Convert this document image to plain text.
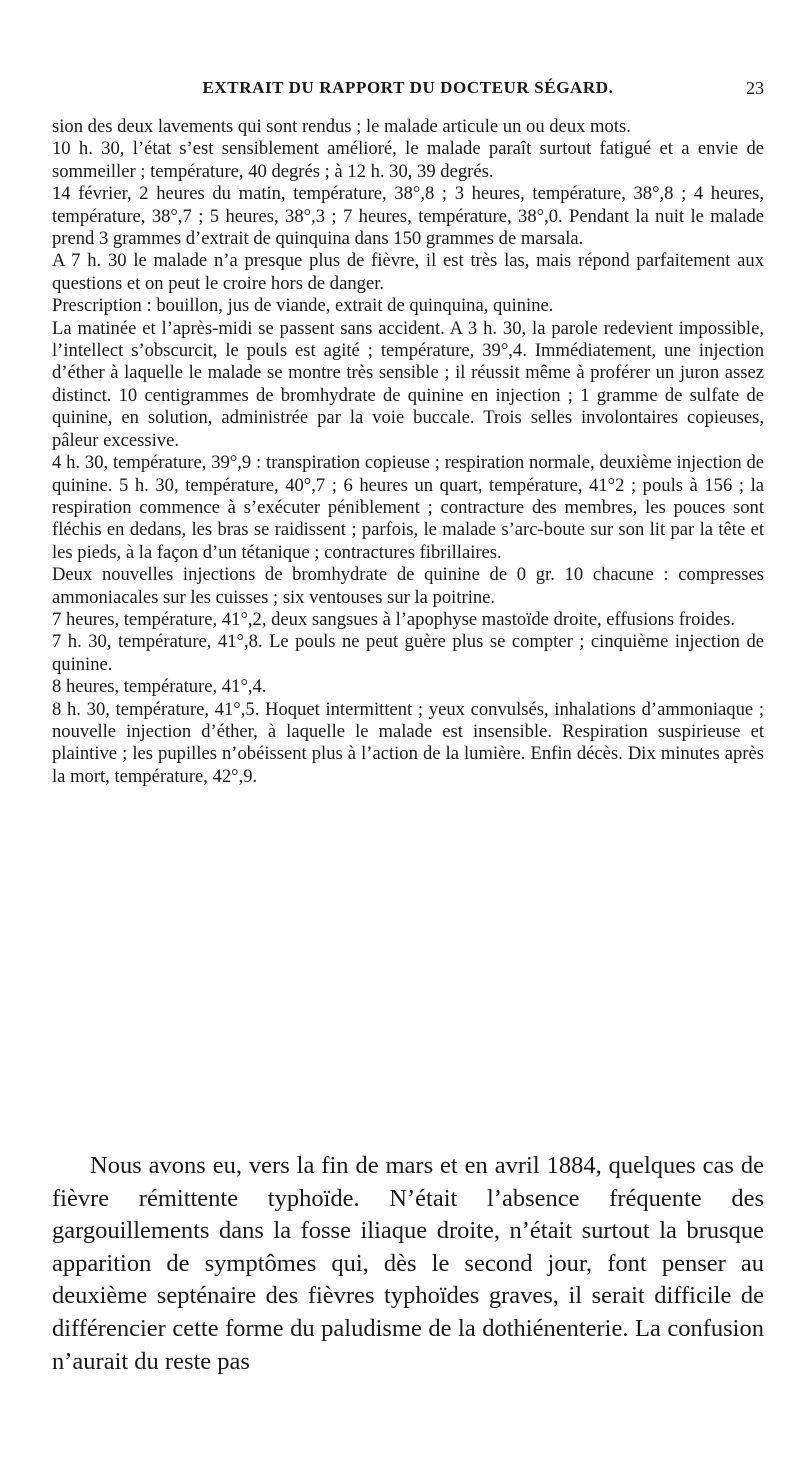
EXTRAIT DU RAPPORT DU DOCTEUR SÉGARD.	23

sion des deux lavements qui sont rendus ; le malade articule un ou deux mots.

10 h. 30, l’état s’est sensiblement amélioré, le malade paraît surtout fatigué et a envie de sommeiller ; température, 40 degrés ; à 12 h. 30, 39 degrés.

14 février, 2 heures du matin, température, 38°,8 ; 3 heures, température, 38°,8 ; 4 heures, température, 38°,7 ; 5 heures, 38°,3 ; 7 heures, température, 38°,0. Pendant la nuit le malade prend 3 grammes d’extrait de quinquina dans 150 grammes de marsala.

A 7 h. 30 le malade n’a presque plus de fièvre, il est très las, mais répond parfaitement aux questions et on peut le croire hors de danger.

Prescription : bouillon, jus de viande, extrait de quinquina, quinine.

La matinée et l’après-midi se passent sans accident. A 3 h. 30, la parole redevient impossible, l’intellect s’obscurcit, le pouls est agité ; température, 39°,4. Immédiatement, une injection d’éther à laquelle le malade se montre très sensible ; il réussit même à proférer un juron assez distinct. 10 centigrammes de bromhydrate de quinine en injection ; 1 gramme de sulfate de quinine, en solution, administrée par la voie buccale. Trois selles involontaires copieuses, pâleur excessive.

4 h. 30, température, 39°,9 : transpiration copieuse ; respiration normale, deuxième injection de quinine. 5 h. 30, température, 40°,7 ; 6 heures un quart, température, 41°2 ; pouls à 156 ; la respiration commence à s’exécuter péniblement ; contracture des membres, les pouces sont fléchis en dedans, les bras se raidissent ; parfois, le malade s’arc-boute sur son lit par la tête et les pieds, à la façon d’un tétanique ; contractures fibrillaires.

Deux nouvelles injections de bromhydrate de quinine de 0 gr. 10 chacune : compresses ammoniacales sur les cuisses ; six ventouses sur la poitrine.

7 heures, température, 41°,2, deux sangsues à l’apophyse mastoïde droite, effusions froides.

7 h. 30, température, 41°,8. Le pouls ne peut guère plus se compter ; cinquième injection de quinine.

8 heures, température, 41°,4.

8 h. 30, température, 41°,5. Hoquet intermittent ; yeux convulsés, inhalations d’ammoniaque ; nouvelle injection d’éther, à laquelle le malade est insensible. Respiration suspirieuse et plaintive ; les pupilles n’obéissent plus à l’action de la lumière. Enfin décès. Dix minutes après la mort, température, 42°,9.

Nous avons eu, vers la fin de mars et en avril 1884, quelques cas de fièvre rémittente typhoïde. N’était l’absence fréquente des gargouillements dans la fosse iliaque droite, n’était surtout la brusque apparition de symptômes qui, dès le second jour, font penser au deuxième septénaire des fièvres typhoïdes graves, il serait difficile de différencier cette forme du paludisme de la dothiénenterie. La confusion n’aurait du reste pas
